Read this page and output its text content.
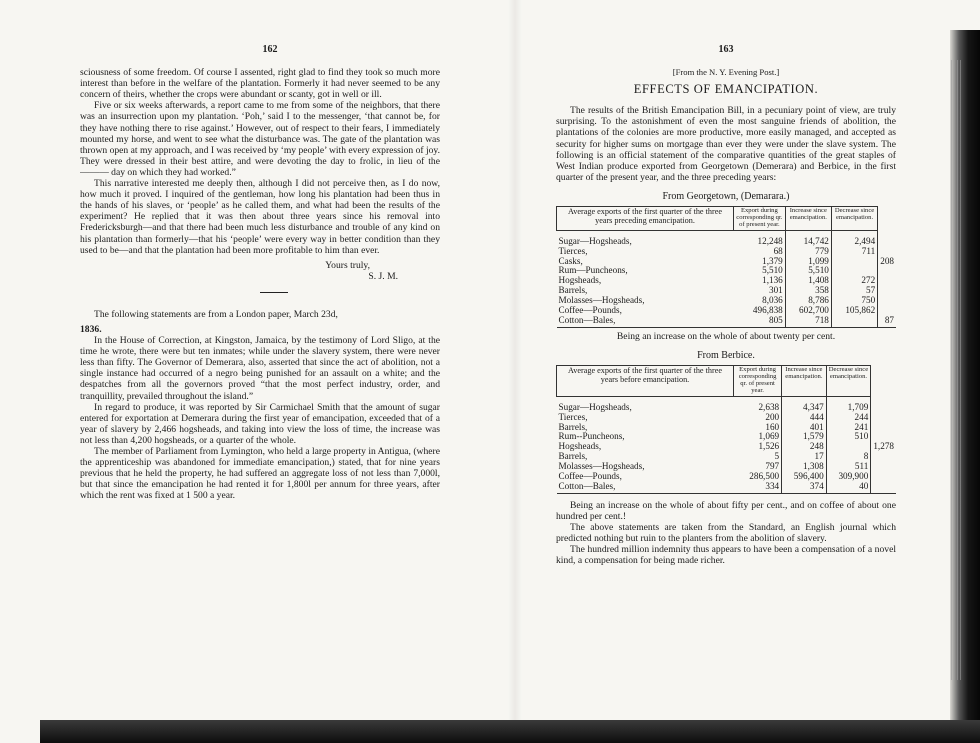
162

sciousness of some freedom. Of course I assented, right glad to find they took so much more interest than before in the welfare of the plantation. Formerly it had never seemed to be any concern of theirs, whether the crops were abundant or scanty, got in well or ill.

Five or six weeks afterwards, a report came to me from some of the neighbors, that there was an insurrection upon my plantation. ‘Poh,’ said I to the messenger, ‘that cannot be, for they have nothing there to rise against.’ However, out of respect to their fears, I immediately mounted my horse, and went to see what the disturbance was. The gate of the plantation was thrown open at my approach, and I was received by ‘my people’ with every expression of joy. They were dressed in their best attire, and were devoting the day to frolic, in lieu of the ——— day on which they had worked.”

This narrative interested me deeply then, although I did not perceive then, as I do now, how much it proved. I inquired of the gentleman, how long his plantation had been thus in the hands of his slaves, or ‘people’ as he called them, and what had been the results of the experiment? He replied that it was then about three years since his removal into Fredericksburgh—and that there had been much less disturbance and trouble of any kind on his plantation than formerly—that his ‘people’ were every way in better condition than they used to be—and that the plantation had been more profitable to him than ever.

Yours truly,
S. J. M.

The following statements are from a London paper, March 23d,

1836.

In the House of Correction, at Kingston, Jamaica, by the testimony of Lord Sligo, at the time he wrote, there were but ten inmates; while under the slavery system, there were never less than fifty. The Governor of Demerara, also, asserted that since the act of abolition, not a single instance had occurred of a negro being punished for an assault on a white; and the despatches from all the governors proved “that the most perfect industry, order, and tranquillity, prevailed throughout the island.”

In regard to produce, it was reported by Sir Carmichael Smith that the amount of sugar entered for exportation at Demerara during the first year of emancipation, exceeded that of a year of slavery by 2,466 hogsheads, and taking into view the loss of time, the increase was not less than 4,200 hogsheads, or a quarter of the whole.

The member of Parliament from Lymington, who held a large property in Antigua, (where the apprenticeship was abandoned for immediate emancipation,) stated, that for nine years previous that he held the property, he had suffered an aggregate loss of not less than 7,000l, but that since the emancipation he had rented it for 1,800l per annum for three years, after which the rent was fixed at 1 500 a year.

163
[From the N. Y. Evening Post.]
EFFECTS OF EMANCIPATION.

The results of the British Emancipation Bill, in a pecuniary point of view, are truly surprising. To the astonishment of even the most sanguine friends of abolition, the plantations of the colonies are more productive, more easily managed, and accepted as security for higher sums on mortgage than ever they were under the slave system. The following is an official statement of the comparative quantities of the great staples of West Indian produce exported from Georgetown (Demerara) and Berbice, in the first quarter of the present year, and the three preceding years:

From Georgetown, (Demarara.)
Average exports of the first quarter of the three years preceding emancipation.	Export during corresponding qr. of present year.	Increase since emancipation.	Decrease since emancipation.	
Sugar—Hogsheads,	12,248	14,742	2,494	
Tierces,	68	779	711	
Casks,	1,379	1,099		208
Rum—Puncheons,	5,510	5,510		
Hogsheads,	1,136	1,408	272	
Barrels,	301	358	57	
Molasses—Hogsheads,	8,036	8,786	750	
Coffee—Pounds,	496,838	602,700	105,862	
Cotton—Bales,	805	718		87
Being an increase on the whole of about twenty per cent.
From Berbice.
Average exports of the first quarter of the three years before emancipation.	Export during corresponding qr. of present year.	Increase since emancipation.	Decrease since emancipation.	
Sugar—Hogsheads,	2,638	4,347	1,709	
Tierces,	200	444	244	
Barrels,	160	401	241	
Rum--Puncheons,	1,069	1,579	510	
Hogsheads,	1,526	248		1,278
Barrels,	5	17	8	
Molasses—Hogsheads,	797	1,308	511	
Coffee—Pounds,	286,500	596,400	309,900	
Cotton—Bales,	334	374	40	

Being an increase on the whole of about fifty per cent., and on coffee of about one hundred per cent.!

The above statements are taken from the Standard, an English journal which predicted nothing but ruin to the planters from the abolition of slavery.

The hundred million indemnity thus appears to have been a compensation of a novel kind, a compensation for being made richer.
